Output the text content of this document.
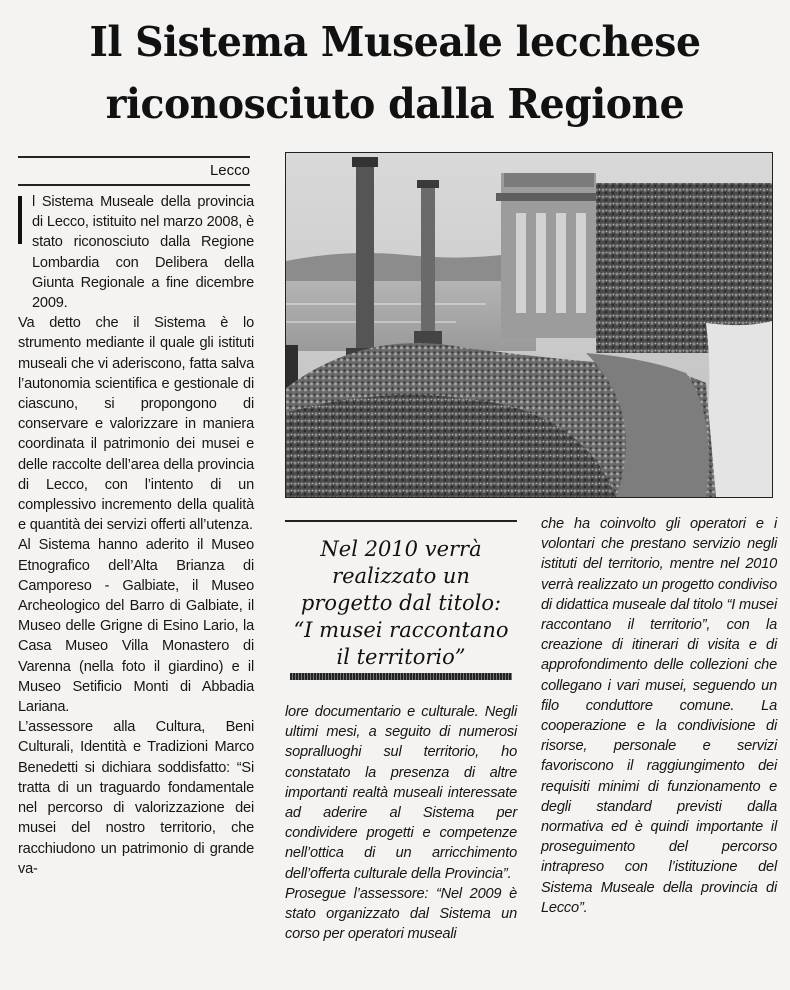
Il Sistema Museale lecchese
riconosciuto dalla Regione
Lecco

l Sistema Museale della provincia di Lecco, istituito nel marzo 2008, è stato riconosciuto dalla Regione Lombardia con Delibera della Giunta Regionale a fine dicembre 2009.

Va detto che il Sistema è lo strumento mediante il quale gli istituti museali che vi aderiscono, fatta salva l’autonomia scientifica e gestionale di ciascuno, si propongono di conservare e valorizzare in maniera coordinata il patrimonio dei musei e delle raccolte dell’area della provincia di Lecco, con l’intento di un complessivo incremento della qualità e quantità dei servizi offerti all’utenza.

Al Sistema hanno aderito il Museo Etnografico dell’Alta Brianza di Camporeso - Galbiate, il Museo Archeologico del Barro di Galbiate, il Museo delle Grigne di Esino Lario, la Casa Museo Villa Monastero di Varenna (nella foto il giardino) e il Museo Setificio Monti di Abbadia Lariana.

L’assessore alla Cultura, Beni Culturali, Identità e Tradizioni Marco Benedetti si dichiara soddisfatto: “Si tratta di un traguardo fondamentale nel percorso di valorizzazione dei musei del nostro territorio, che racchiudono un patrimonio di grande va-

Nel 2010 verrà
realizzato un
progetto dal titolo:
“I musei raccontano
il territorio”

lore documentario e culturale. Negli ultimi mesi, a seguito di numerosi sopralluoghi sul territorio, ho constatato la presenza di altre importanti realtà museali interessate ad aderire al Sistema per condividere progetti e competenze nell’ottica di un arricchimento dell’offerta culturale della Provincia”.

Prosegue l’assessore: “Nel 2009 è stato organizzato dal Sistema un corso per operatori museali

che ha coinvolto gli operatori e i volontari che prestano servizio negli istituti del territorio, mentre nel 2010 verrà realizzato un progetto condiviso di didattica museale dal titolo “I musei raccontano il territorio”, con la creazione di itinerari di visita e di approfondimento delle collezioni che collegano i vari musei, seguendo un filo conduttore comune. La cooperazione e la condivisione di risorse, personale e servizi favoriscono il raggiungimento dei requisiti minimi di funzionamento e degli standard previsti dalla normativa ed è quindi importante il proseguimento del percorso intrapreso con l’istituzione del Sistema Museale della provincia di Lecco”.
